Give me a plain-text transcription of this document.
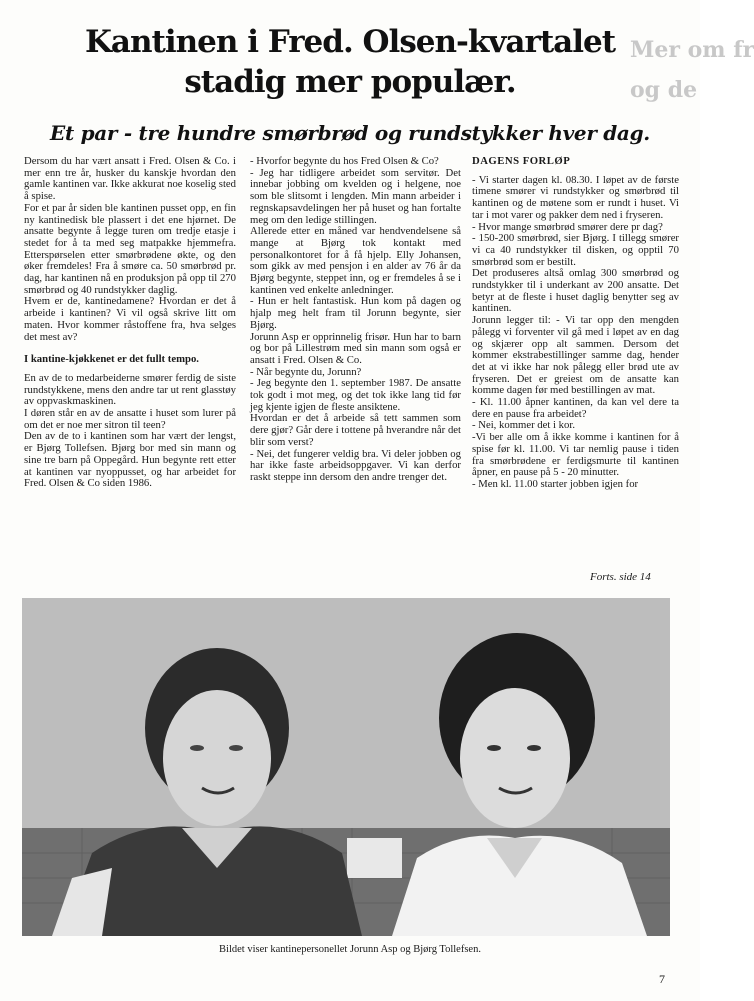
Mer om fr
og de
Kantinen i Fred. Olsen-kvartalet
stadig mer populær.
Et par - tre hundre smørbrød og rundstykker hver dag.

Dersom du har vært ansatt i Fred. Olsen & Co. i mer enn tre år, husker du kanskje hvordan den gamle kantinen var. Ikke akkurat noe koselig sted å spise.

For et par år siden ble kantinen pusset opp, en fin ny kantinedisk ble plassert i det ene hjørnet. De ansatte begynte å legge turen om tredje etasje i stedet for å ta med seg matpakke hjemmefra. Etterspørselen etter smørbrødene økte, og den øker fremdeles! Fra å smøre ca. 50 smørbrød pr. dag, har kantinen nå en produksjon på opp til 270 smørbrød og 40 rundstykker daglig.

Hvem er de, kantinedamene? Hvordan er det å arbeide i kantinen? Vi vil også skrive litt om maten. Hvor kommer råstoffene fra, hva selges det mest av?

I kantine-kjøkkenet er det fullt tempo.

En av de to medarbeiderne smører ferdig de siste rundstykkene, mens den andre tar ut rent glasstøy av oppvaskmaskinen.

I døren står en av de ansatte i huset som lurer på om det er noe mer sitron til teen?

Den av de to i kantinen som har vært der lengst, er Bjørg Tollefsen. Bjørg bor med sin mann og sine tre barn på Oppegård. Hun begynte rett etter at kantinen var nyoppusset, og har arbeidet for Fred. Olsen & Co siden 1986.

- Hvorfor begynte du hos Fred Olsen & Co?

- Jeg har tidligere arbeidet som servitør. Det innebar jobbing om kvelden og i helgene, noe som ble slitsomt i lengden. Min mann arbeider i regnskapsavdelingen her på huset og han fortalte meg om den ledige stillingen.

Allerede etter en måned var hendvendelsene så mange at Bjørg tok kontakt med personalkontoret for å få hjelp. Elly Johansen, som gikk av med pensjon i en alder av 76 år da Bjørg begynte, steppet inn, og er fremdeles å se i kantinen ved enkelte anledninger.

- Hun er helt fantastisk. Hun kom på dagen og hjalp meg helt fram til Jorunn begynte, sier Bjørg.

Jorunn Asp er opprinnelig frisør. Hun har to barn og bor på Lillestrøm med sin mann som også er ansatt i Fred. Olsen & Co.

- Når begynte du, Jorunn?

- Jeg begynte den 1. september 1987. De ansatte tok godt i mot meg, og det tok ikke lang tid før jeg kjente igjen de fleste ansiktene.

Hvordan er det å arbeide så tett sammen som dere gjør? Går dere i tottene på hverandre når det blir som verst?

- Nei, det fungerer veldig bra. Vi deler jobben og har ikke faste arbeidsoppgaver. Vi kan derfor raskt steppe inn dersom den andre trenger det.

DAGENS FORLØP

- Vi starter dagen kl. 08.30. I løpet av de første timene smører vi rundstykker og smørbrød til kantinen og de møtene som er rundt i huset. Vi tar i mot varer og pakker dem ned i fryseren.

- Hvor mange smørbrød smører dere pr dag?

- 150-200 smørbrød, sier Bjørg. I tillegg smører vi ca 40 rundstykker til disken, og opptil 70 smørbrød som er bestilt.

Det produseres altså omlag 300 smørbrød og rundstykker til i underkant av 200 ansatte. Det betyr at de fleste i huset daglig benytter seg av kantinen.

Jorunn legger til: - Vi tar opp den mengden pålegg vi forventer vil gå med i løpet av en dag og skjærer opp alt sammen. Dersom det kommer ekstrabestillinger samme dag, hender det at vi ikke har nok pålegg eller brød ute av fryseren. Det er greiest om de ansatte kan komme dagen før med bestillingen av mat.

- Kl. 11.00 åpner kantinen, da kan vel dere ta dere en pause fra arbeidet?

- Nei, kommer det i kor.

-Vi ber alle om å ikke komme i kantinen for å spise før kl. 11.00. Vi tar nemlig pause i tiden fra smørbrødene er ferdigsmurte til kantinen åpner, en pause på 5 - 20 minutter.

- Men kl. 11.00 starter jobben igjen for

Forts. side 14
Bildet viser kantinepersonellet Jorunn Asp og Bjørg Tollefsen.
7
